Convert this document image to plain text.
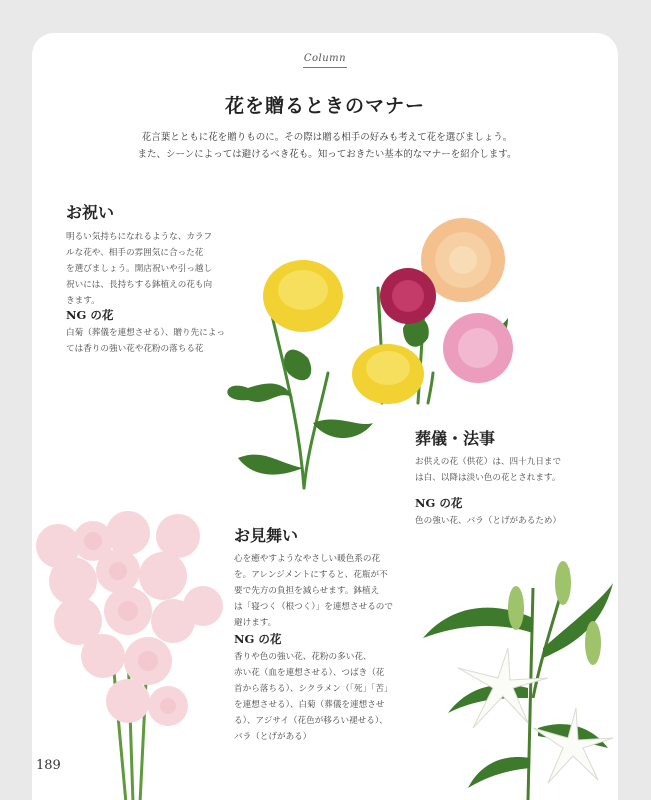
Column
花を贈るときのマナー
花言葉とともに花を贈りものに。その際は贈る相手の好みも考えて花を選びましょう。
また、シーンによっては避けるべき花も。知っておきたい基本的なマナーを紹介します。
お祝い
明るい気持ちになれるような、カラフ
ルな花や、相手の雰囲気に合った花
を選びましょう。開店祝いや引っ越し
祝いには、長持ちする鉢植えの花も向
きます。
NG の花
白菊（葬儀を連想させる）、贈り先によっ
ては香りの強い花や花粉の落ちる花
葬儀・法事
お供えの花（供花）は、四十九日まで
は白、以降は淡い色の花とされます。
NG の花
色の強い花、バラ（とげがあるため）
お見舞い
心を癒やすようなやさしい暖色系の花
を。アレンジメントにすると、花瓶が不
要で先方の負担を減らせます。鉢植え
は「寝つく（根つく）」を連想させるので
避けます。
NG の花
香りや色の強い花、花粉の多い花、
赤い花（血を連想させる）、つばき（花
首から落ちる）、シクラメン（「死」「苦」
を連想させる）、白菊（葬儀を連想させ
る）、アジサイ（花色が移ろい褪せる）、
バラ（とげがある）
189
